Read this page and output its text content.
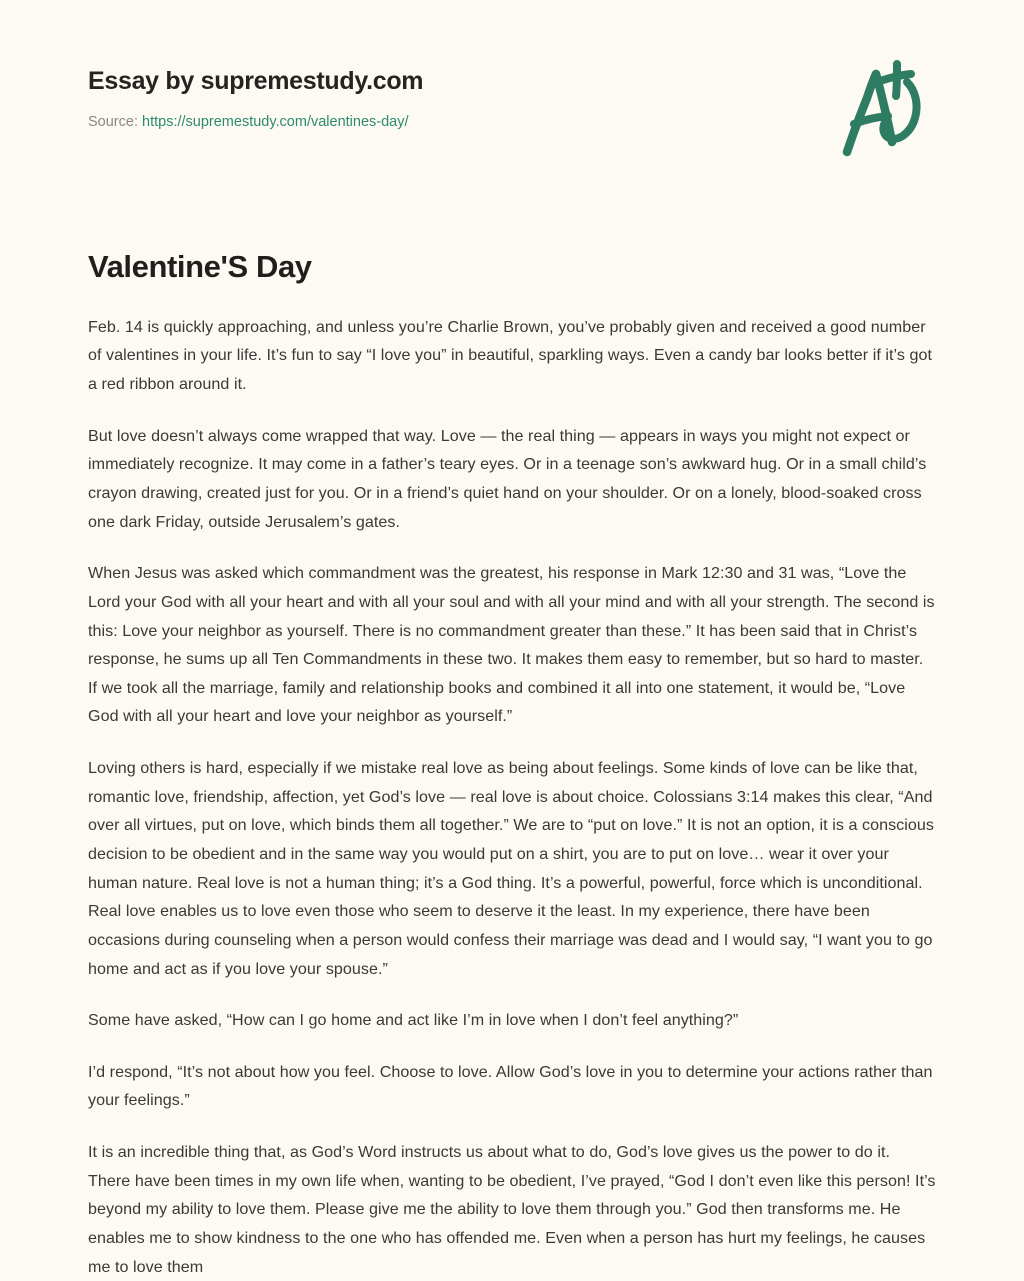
Essay by supremestudy.com
Source: https://supremestudy.com/valentines-day/
Valentine'S Day

Feb. 14 is quickly approaching, and unless you’re Charlie Brown, you’ve probably given and received a good number of valentines in your life. It’s fun to say “I love you” in beautiful, sparkling ways. Even a candy bar looks better if it’s got a red ribbon around it.

But love doesn’t always come wrapped that way. Love — the real thing — appears in ways you might not expect or immediately recognize. It may come in a father’s teary eyes. Or in a teenage son’s awkward hug. Or in a small child’s crayon drawing, created just for you. Or in a friend’s quiet hand on your shoulder. Or on a lonely, blood-soaked cross one dark Friday, outside Jerusalem’s gates.

When Jesus was asked which commandment was the greatest, his response in Mark 12:30 and 31 was, “Love the Lord your God with all your heart and with all your soul and with all your mind and with all your strength. The second is this: Love your neighbor as yourself. There is no commandment greater than these.” It has been said that in Christ’s response, he sums up all Ten Commandments in these two. It makes them easy to remember, but so hard to master. If we took all the marriage, family and relationship books and combined it all into one statement, it would be, “Love God with all your heart and love your neighbor as yourself.”

Loving others is hard, especially if we mistake real love as being about feelings. Some kinds of love can be like that, romantic love, friendship, affection, yet God’s love — real love is about choice. Colossians 3:14 makes this clear, “And over all virtues, put on love, which binds them all together.” We are to “put on love.” It is not an option, it is a conscious decision to be obedient and in the same way you would put on a shirt, you are to put on love… wear it over your human nature. Real love is not a human thing; it’s a God thing. It’s a powerful, powerful, force which is unconditional. Real love enables us to love even those who seem to deserve it the least. In my experience, there have been occasions during counseling when a person would confess their marriage was dead and I would say, “I want you to go home and act as if you love your spouse.”

Some have asked, “How can I go home and act like I’m in love when I don’t feel anything?”

I’d respond, “It’s not about how you feel. Choose to love. Allow God’s love in you to determine your actions rather than your feelings.”

It is an incredible thing that, as God’s Word instructs us about what to do, God’s love gives us the power to do it. There have been times in my own life when, wanting to be obedient, I’ve prayed, “God I don’t even like this person! It’s beyond my ability to love them. Please give me the ability to love them through you.” God then transforms me. He enables me to show kindness to the one who has offended me. Even when a person has hurt my feelings, he causes me to love them
